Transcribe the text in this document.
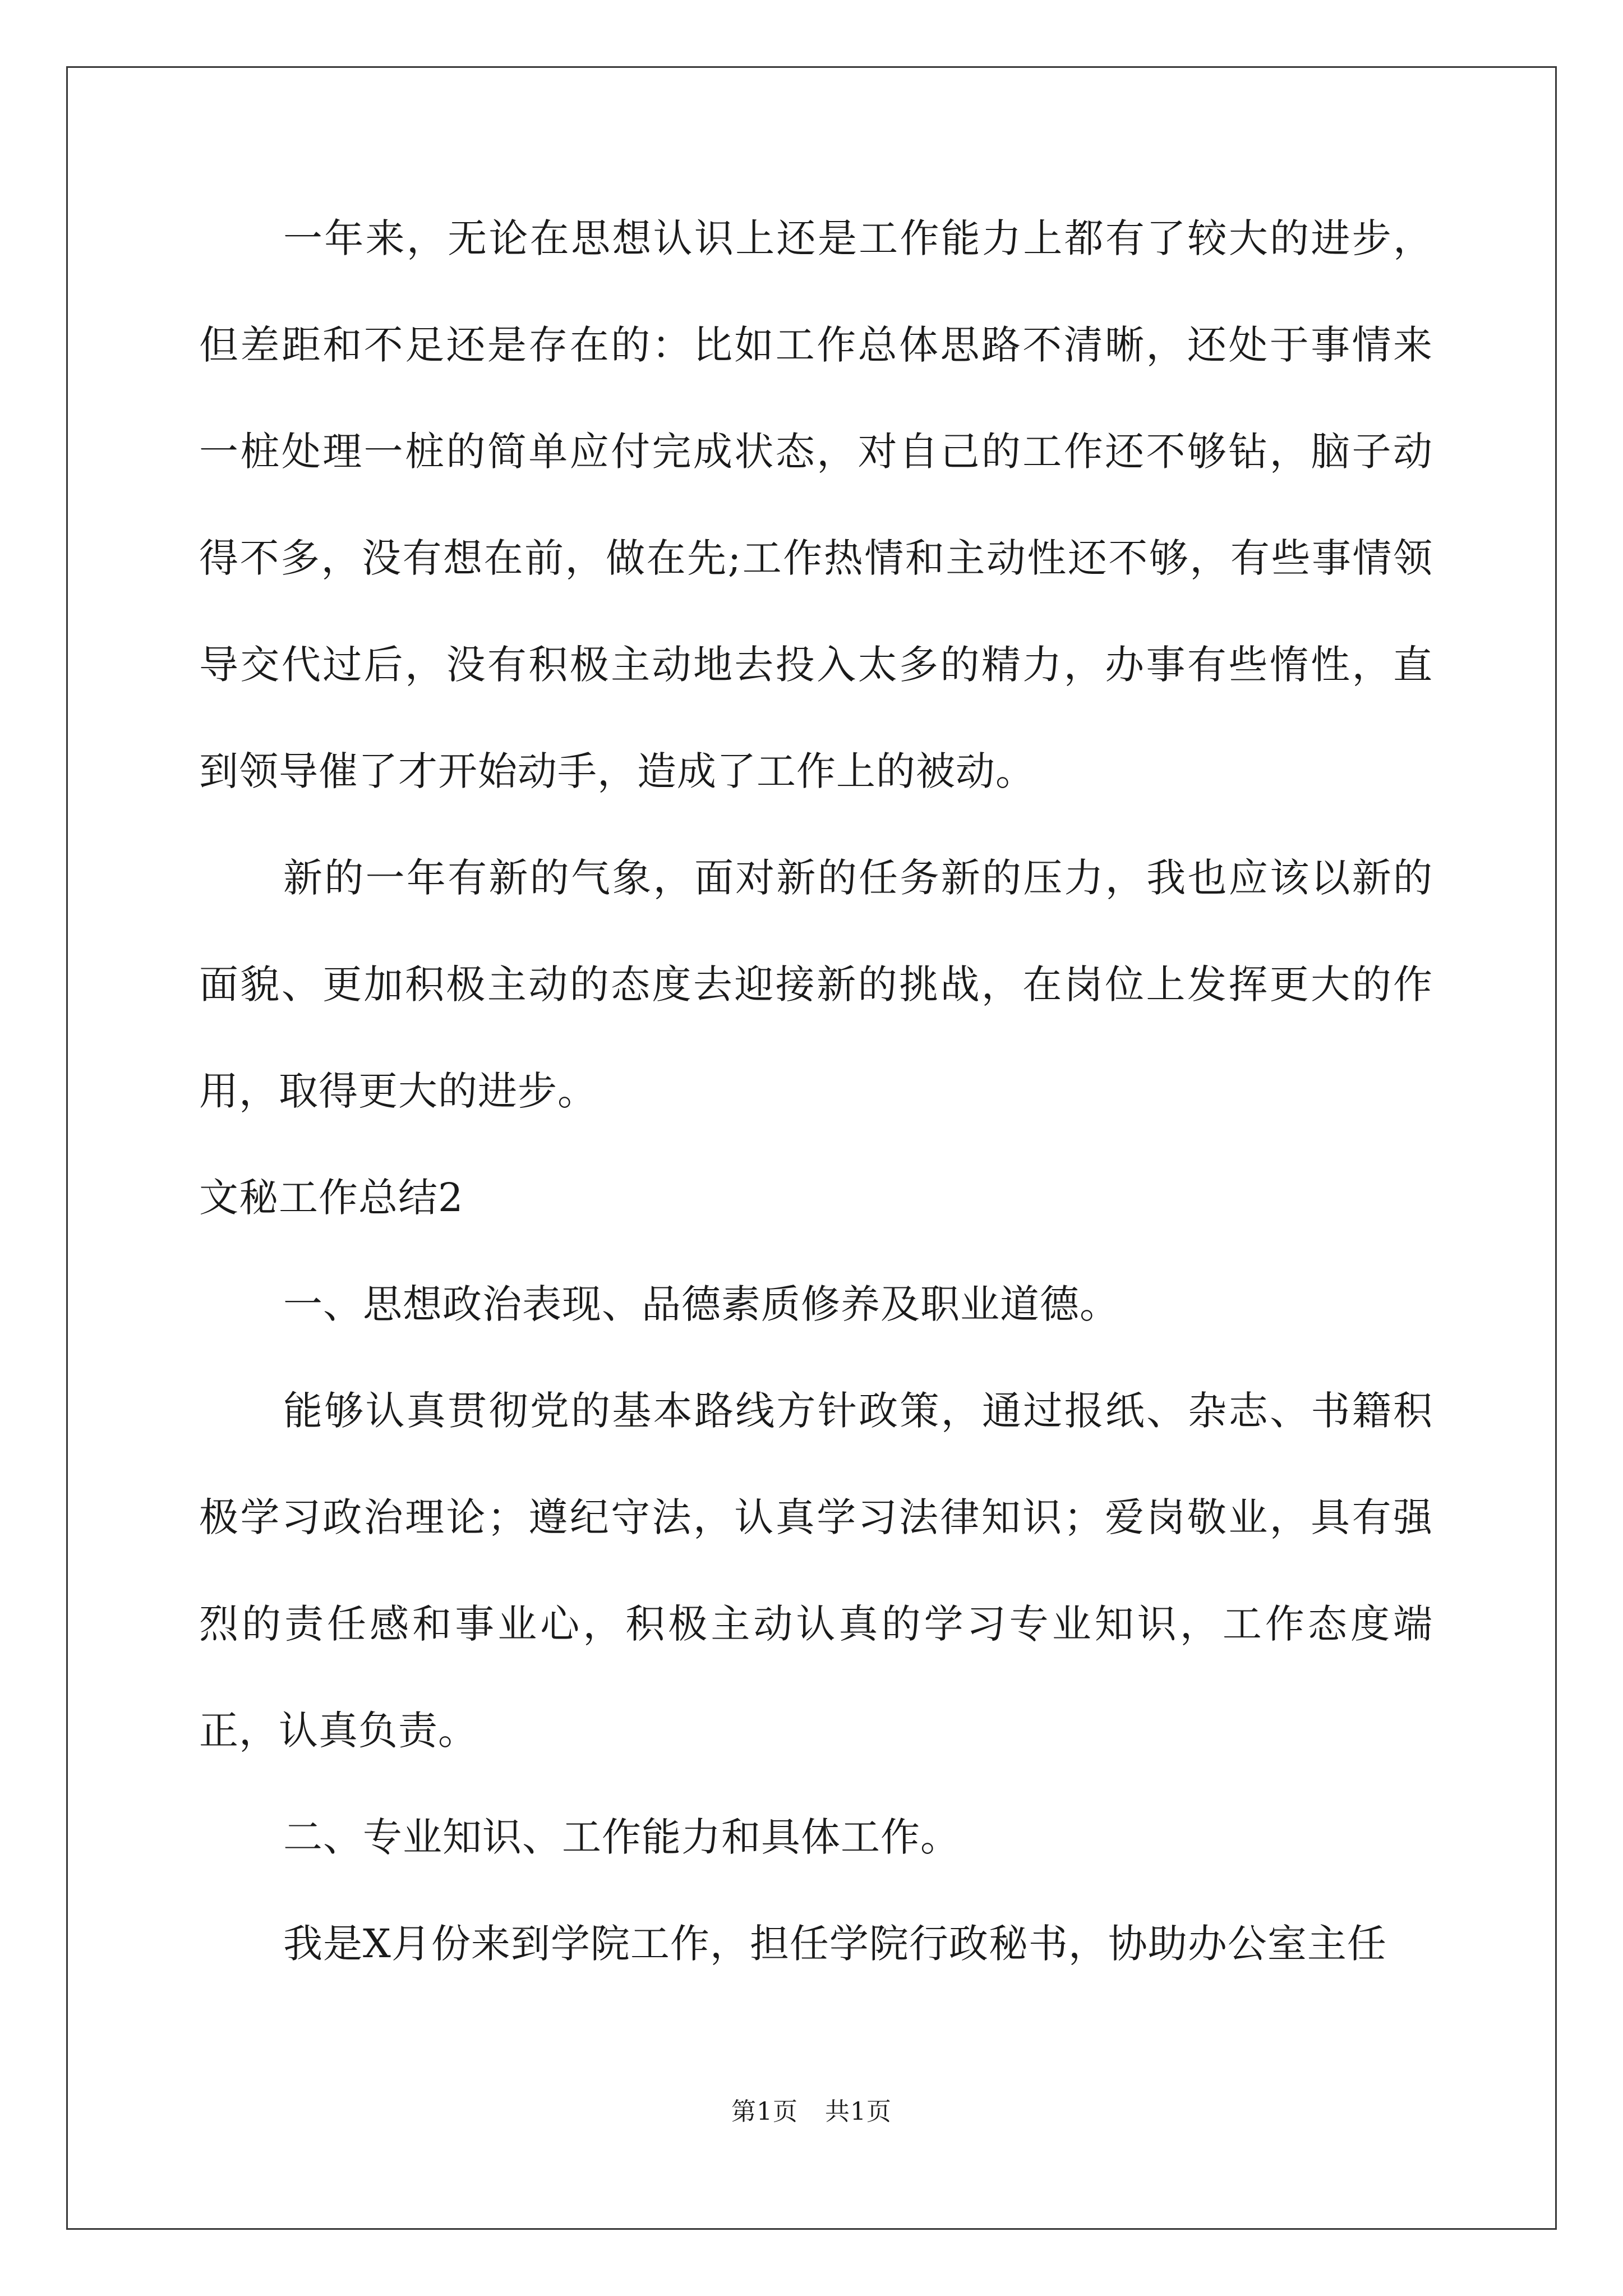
一年来，无论在思想认识上还是工作能力上都有了较大的进步，但差距和不足还是存在的：比如工作总体思路不清晰，还处于事情来一桩处理一桩的简单应付完成状态，对自己的工作还不够钻，脑子动得不多，没有想在前，做在先;工作热情和主动性还不够，有些事情领导交代过后，没有积极主动地去投入太多的精力，办事有些惰性，直到领导催了才开始动手，造成了工作上的被动。

新的一年有新的气象，面对新的任务新的压力，我也应该以新的面貌、更加积极主动的态度去迎接新的挑战，在岗位上发挥更大的作用，取得更大的进步。

文秘工作总结2

一、思想政治表现、品德素质修养及职业道德。

能够认真贯彻党的基本路线方针政策，通过报纸、杂志、书籍积极学习政治理论；遵纪守法，认真学习法律知识；爱岗敬业，具有强烈的责任感和事业心，积极主动认真的学习专业知识，工作态度端正，认真负责。

二、专业知识、工作能力和具体工作。

我是X月份来到学院工作，担任学院行政秘书，协助办公室主任

第1页 共1页
